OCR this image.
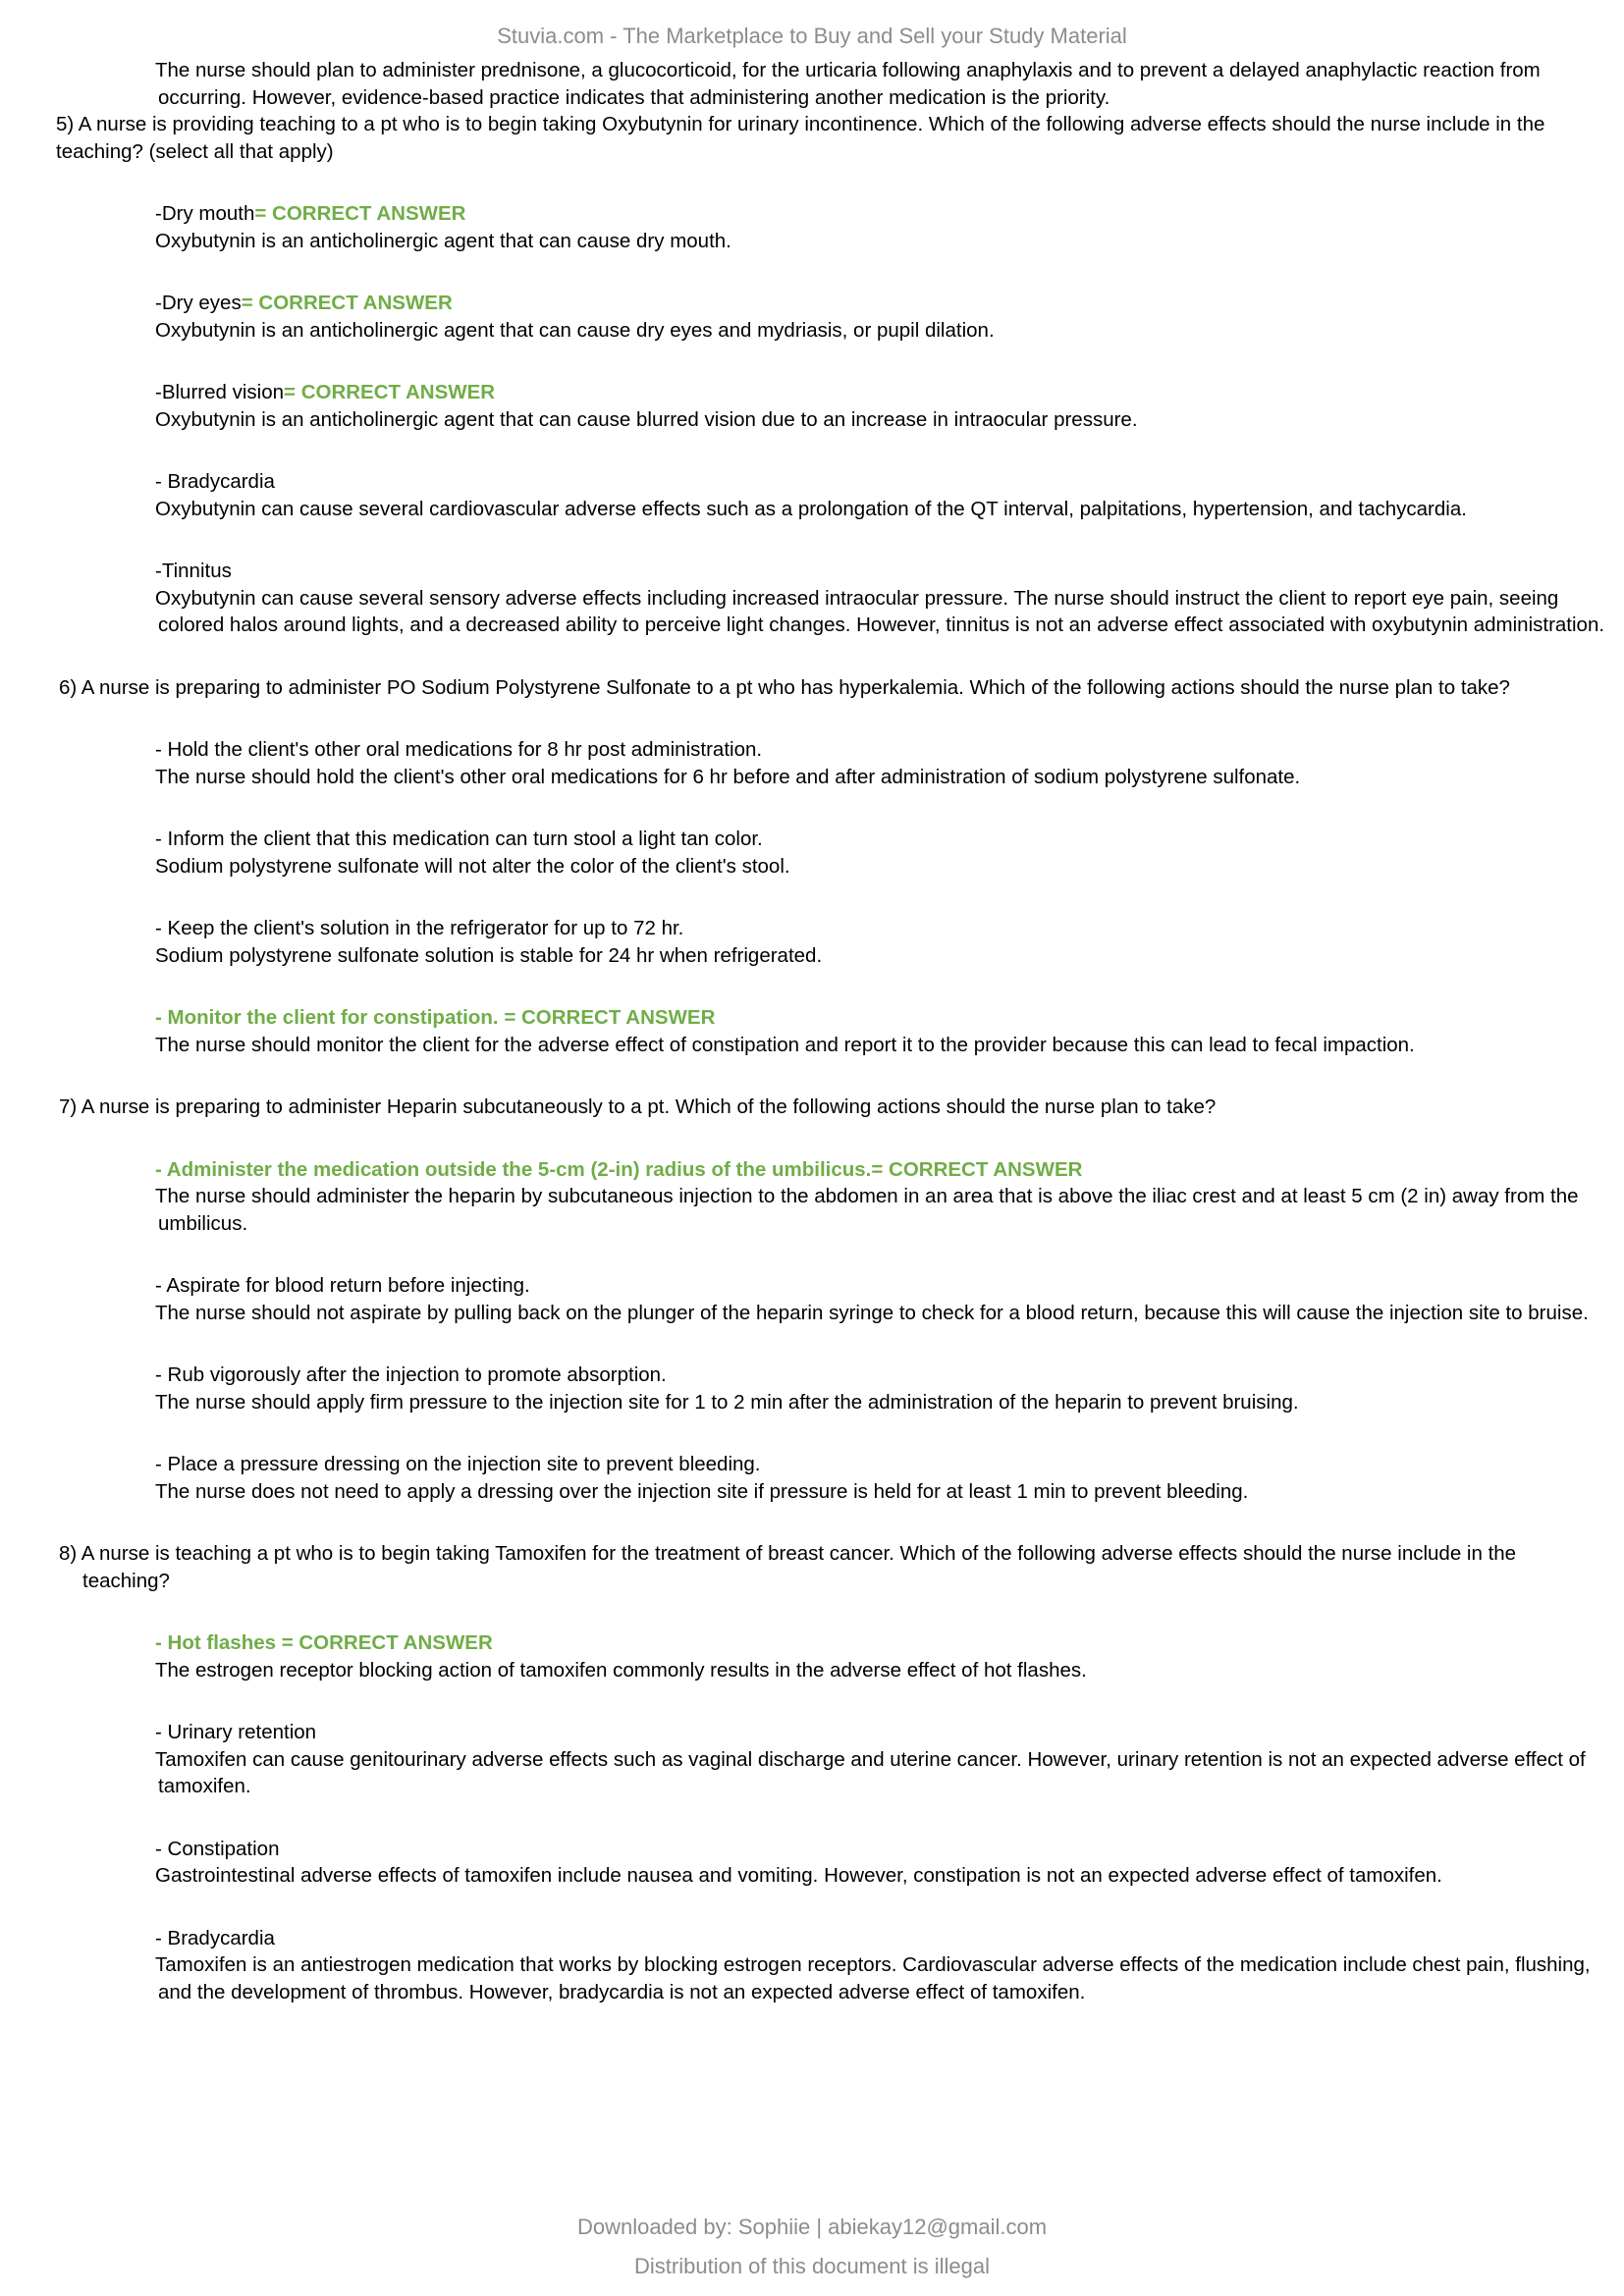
Stuvia.com - The Marketplace to Buy and Sell your Study Material
The nurse should plan to administer prednisone, a glucocorticoid, for the urticaria following anaphylaxis and to prevent a delayed anaphylactic reaction from
occurring. However, evidence-based practice indicates that administering another medication is the priority.
5) A nurse is providing teaching to a pt who is to begin taking Oxybutynin for urinary incontinence. Which of the following adverse effects should the nurse include in the
teaching? (select all that apply)
-Dry mouth= CORRECT ANSWER
Oxybutynin is an anticholinergic agent that can cause dry mouth.
-Dry eyes= CORRECT ANSWER
Oxybutynin is an anticholinergic agent that can cause dry eyes and mydriasis, or pupil dilation.
-Blurred vision= CORRECT ANSWER
Oxybutynin is an anticholinergic agent that can cause blurred vision due to an increase in intraocular pressure.
- Bradycardia
Oxybutynin can cause several cardiovascular adverse effects such as a prolongation of the QT interval, palpitations, hypertension, and tachycardia.
-Tinnitus
Oxybutynin can cause several sensory adverse effects including increased intraocular pressure. The nurse should instruct the client to report eye pain, seeing
colored halos around lights, and a decreased ability to perceive light changes. However, tinnitus is not an adverse effect associated with oxybutynin administration.
6) A nurse is preparing to administer PO Sodium Polystyrene Sulfonate to a pt who has hyperkalemia. Which of the following actions should the nurse plan to take?
- Hold the client's other oral medications for 8 hr post administration.
The nurse should hold the client's other oral medications for 6 hr before and after administration of sodium polystyrene sulfonate.
- Inform the client that this medication can turn stool a light tan color.
Sodium polystyrene sulfonate will not alter the color of the client's stool.
- Keep the client's solution in the refrigerator for up to 72 hr.
Sodium polystyrene sulfonate solution is stable for 24 hr when refrigerated.
- Monitor the client for constipation. = CORRECT ANSWER
The nurse should monitor the client for the adverse effect of constipation and report it to the provider because this can lead to fecal impaction.
7) A nurse is preparing to administer Heparin subcutaneously to a pt. Which of the following actions should the nurse plan to take?
- Administer the medication outside the 5-cm (2-in) radius of the umbilicus.= CORRECT ANSWER
The nurse should administer the heparin by subcutaneous injection to the abdomen in an area that is above the iliac crest and at least 5 cm (2 in) away from the
umbilicus.
- Aspirate for blood return before injecting.
The nurse should not aspirate by pulling back on the plunger of the heparin syringe to check for a blood return, because this will cause the injection site to bruise.
- Rub vigorously after the injection to promote absorption.
The nurse should apply firm pressure to the injection site for 1 to 2 min after the administration of the heparin to prevent bruising.
- Place a pressure dressing on the injection site to prevent bleeding.
The nurse does not need to apply a dressing over the injection site if pressure is held for at least 1 min to prevent bleeding.
8) A nurse is teaching a pt who is to begin taking Tamoxifen for the treatment of breast cancer. Which of the following adverse effects should the nurse include in the
teaching?
- Hot flashes = CORRECT ANSWER
The estrogen receptor blocking action of tamoxifen commonly results in the adverse effect of hot flashes.
- Urinary retention
Tamoxifen can cause genitourinary adverse effects such as vaginal discharge and uterine cancer. However, urinary retention is not an expected adverse effect of
tamoxifen.
- Constipation
Gastrointestinal adverse effects of tamoxifen include nausea and vomiting. However, constipation is not an expected adverse effect of tamoxifen.
- Bradycardia
Tamoxifen is an antiestrogen medication that works by blocking estrogen receptors. Cardiovascular adverse effects of the medication include chest pain, flushing,
and the development of thrombus. However, bradycardia is not an expected adverse effect of tamoxifen.
Downloaded by: Sophiie | abiekay12@gmail.com
Distribution of this document is illegal
